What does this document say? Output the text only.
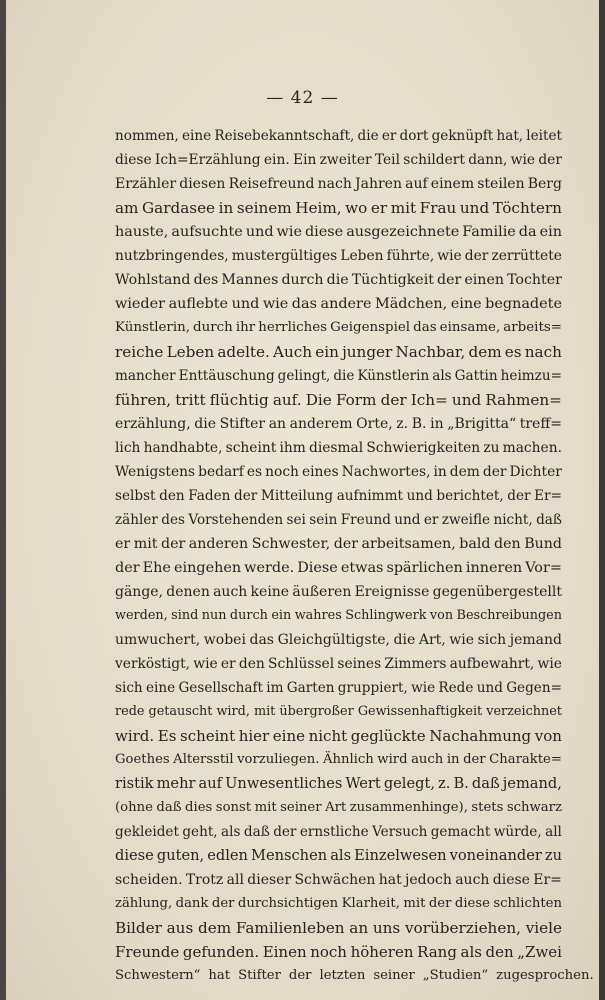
— 42 —
nommen, eine Reisebekanntschaft, die er dort geknüpft hat, leitet
diese Ich=Erzählung ein. Ein zweiter Teil schildert dann, wie der
Erzähler diesen Reisefreund nach Jahren auf einem steilen Berg
am Gardasee in seinem Heim, wo er mit Frau und Töchtern
hauste, aufsuchte und wie diese ausgezeichnete Familie da ein
nutzbringendes, mustergültiges Leben führte, wie der zerrüttete
Wohlstand des Mannes durch die Tüchtigkeit der einen Tochter
wieder auflebte und wie das andere Mädchen, eine begnadete
Künstlerin, durch ihr herrliches Geigenspiel das einsame, arbeits=
reiche Leben adelte. Auch ein junger Nachbar, dem es nach
mancher Enttäuschung gelingt, die Künstlerin als Gattin heimzu=
führen, tritt flüchtig auf. Die Form der Ich= und Rahmen=
erzählung, die Stifter an anderem Orte, z. B. in „Brigitta“ treff=
lich handhabte, scheint ihm diesmal Schwierigkeiten zu machen.
Wenigstens bedarf es noch eines Nachwortes, in dem der Dichter
selbst den Faden der Mitteilung aufnimmt und berichtet, der Er=
zähler des Vorstehenden sei sein Freund und er zweifle nicht, daß
er mit der anderen Schwester, der arbeitsamen, bald den Bund
der Ehe eingehen werde. Diese etwas spärlichen inneren Vor=
gänge, denen auch keine äußeren Ereignisse gegenübergestellt
werden, sind nun durch ein wahres Schlingwerk von Beschreibungen
umwuchert, wobei das Gleichgültigste, die Art, wie sich jemand
verköstigt, wie er den Schlüssel seines Zimmers aufbewahrt, wie
sich eine Gesellschaft im Garten gruppiert, wie Rede und Gegen=
rede getauscht wird, mit übergroßer Gewissenhaftigkeit verzeichnet
wird. Es scheint hier eine nicht geglückte Nachahmung von
Goethes Altersstil vorzuliegen. Ähnlich wird auch in der Charakte=
ristik mehr auf Unwesentliches Wert gelegt, z. B. daß jemand,
(ohne daß dies sonst mit seiner Art zusammenhinge), stets schwarz
gekleidet geht, als daß der ernstliche Versuch gemacht würde, all
diese guten, edlen Menschen als Einzelwesen voneinander zu
scheiden. Trotz all dieser Schwächen hat jedoch auch diese Er=
zählung, dank der durchsichtigen Klarheit, mit der diese schlichten
Bilder aus dem Familienleben an uns vorüberziehen, viele
Freunde gefunden. Einen noch höheren Rang als den „Zwei
Schwestern“ hat Stifter der letzten seiner „Studien“ zugesprochen.
